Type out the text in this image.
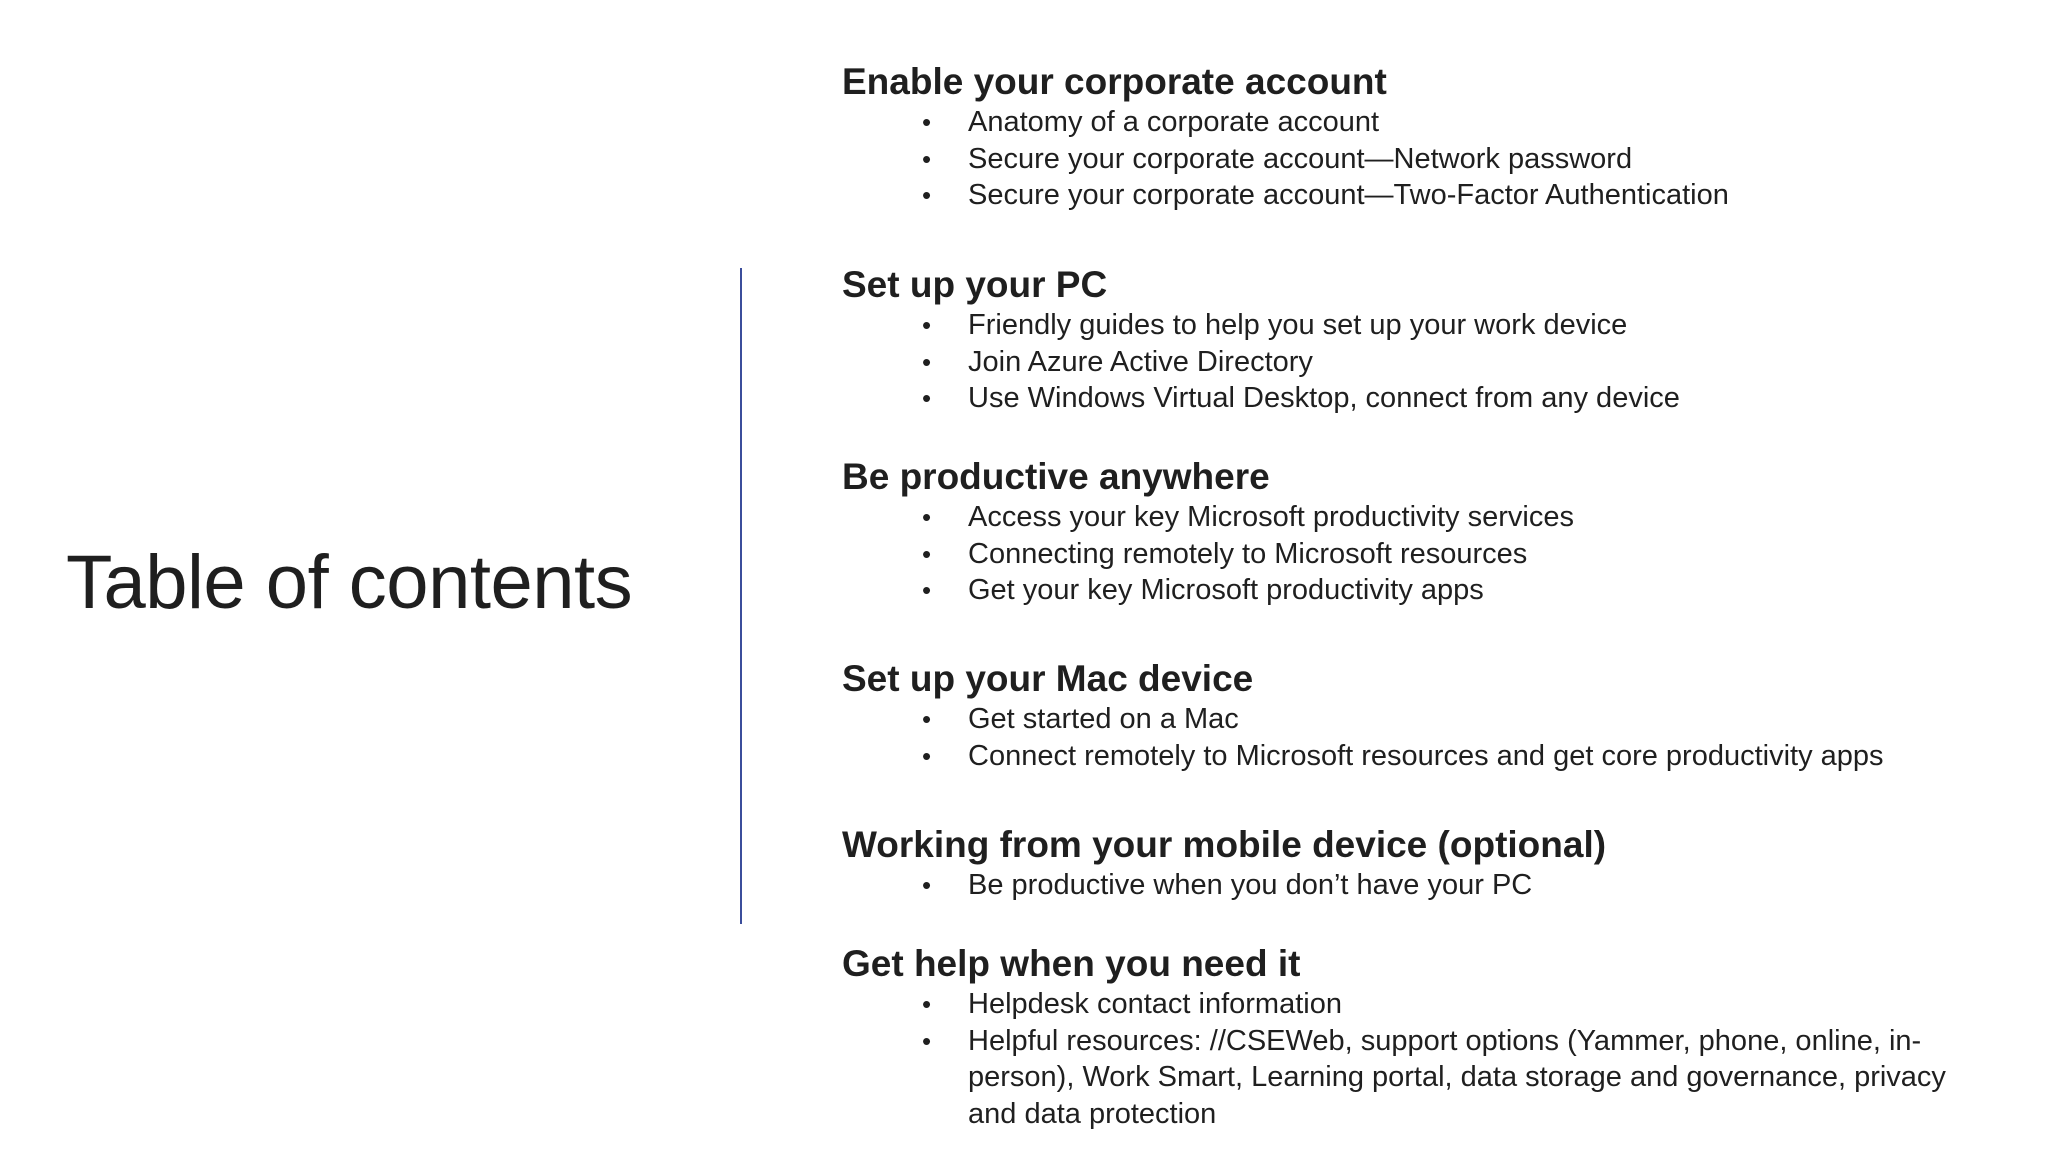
Table of contents
Enable your corporate account
• Anatomy of a corporate account
• Secure your corporate account—Network password
• Secure your corporate account—Two-Factor Authentication
Set up your PC
• Friendly guides to help you set up your work device
• Join Azure Active Directory
• Use Windows Virtual Desktop, connect from any device
Be productive anywhere
• Access your key Microsoft productivity services
• Connecting remotely to Microsoft resources
• Get your key Microsoft productivity apps
Set up your Mac device
• Get started on a Mac
• Connect remotely to Microsoft resources and get core productivity apps
Working from your mobile device (optional)
• Be productive when you don’t have your PC
Get help when you need it
• Helpdesk contact information
• Helpful resources: //CSEWeb, support options (Yammer, phone, online, in-person), Work Smart, Learning portal, data storage and governance, privacy and data protection
